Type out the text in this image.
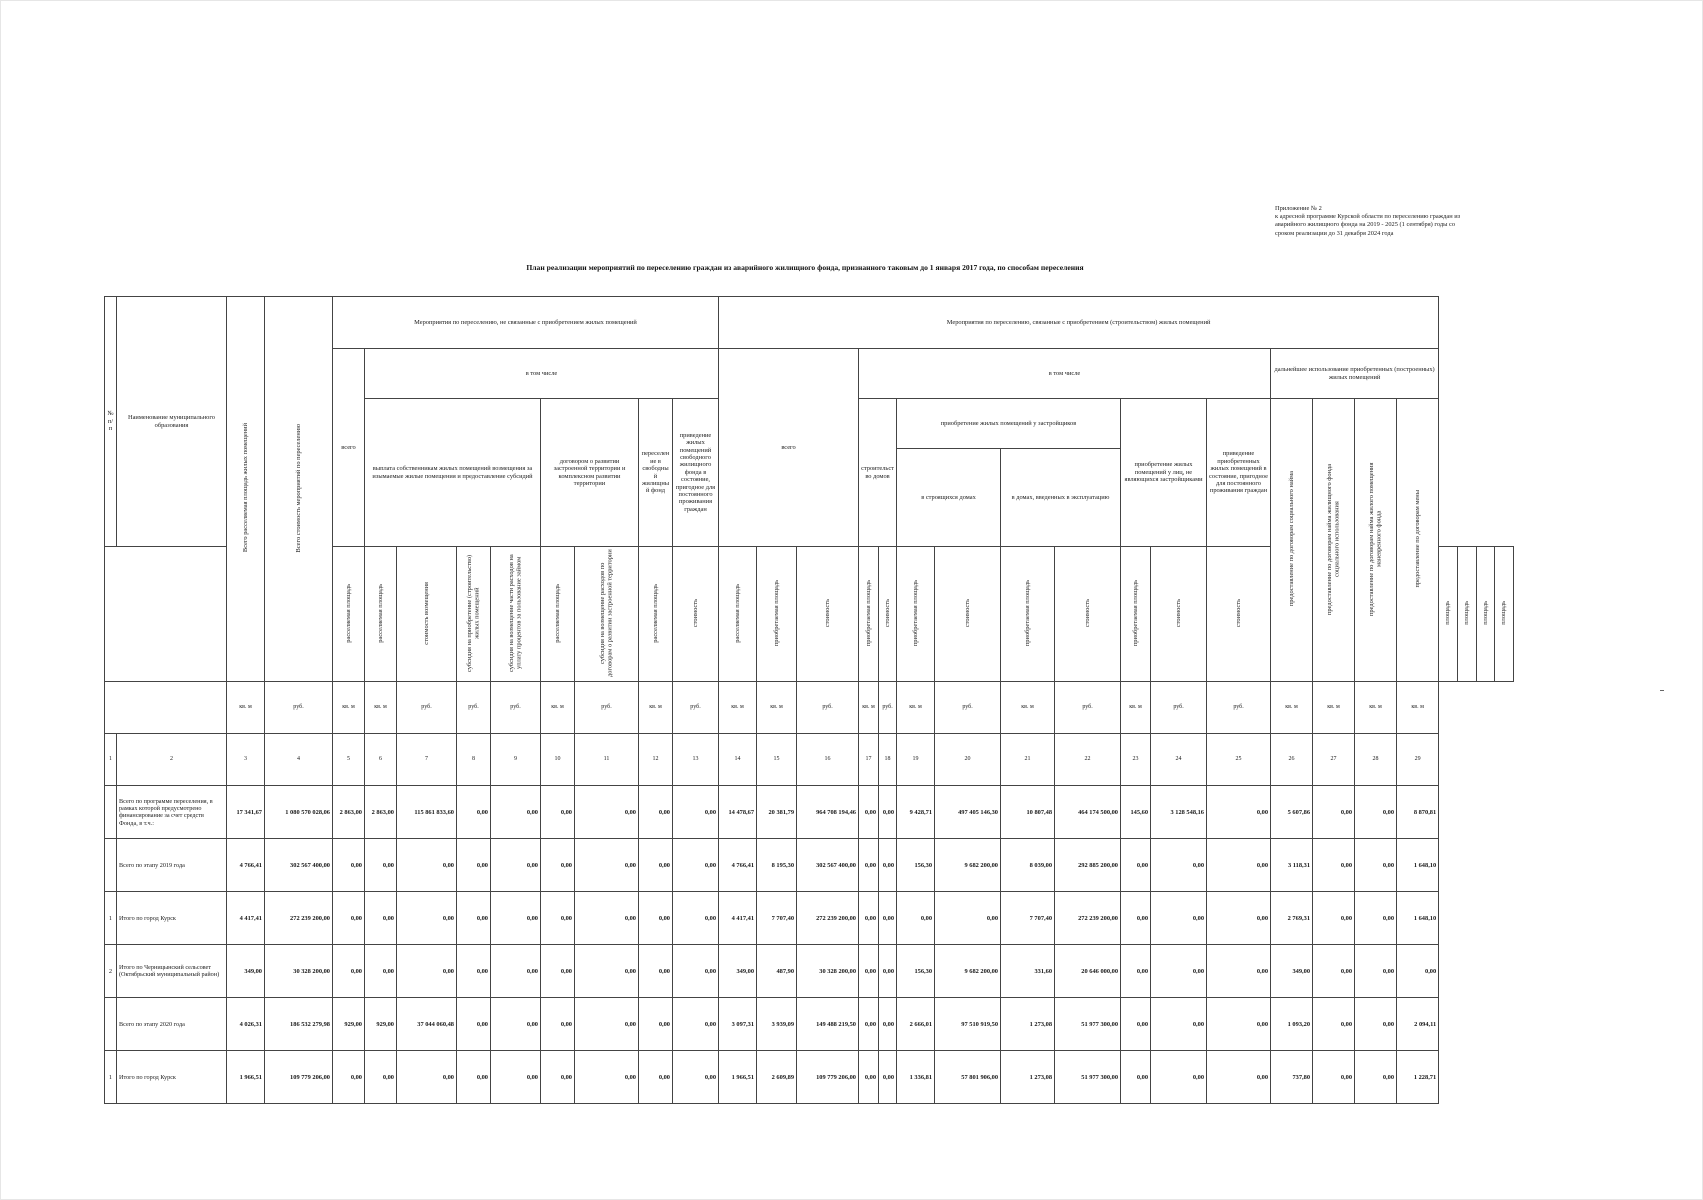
Приложение № 2
к адресной программе Курской области по переселению граждан из
аварийного жилищного фонда на 2019 - 2025 (1 сентября) годы со
сроком реализации до 31 декабря 2024 года
План реализации мероприятий по переселению граждан из аварийного жилищного фонда, признанного таковым до 1 января 2017 года, по способам переселения
№ п/п	Наименование муниципального образования	Всего расселяемая площадь жилых помещений	Всего стоимость мероприятий по переселению	Мероприятия по переселению, не связанные с приобретением жилых помещений									Мероприятия по переселению, связанные с приобретением (строительством) жилых помещений																			
				всего	в том числе								всего			в том числе									дальнейшее использование приобретенных (построенных) жилых помещений							
					выплата собственникам жилых помещений возмещения за изымаемые жилые помещения и предоставление субсидий				договором о развитии застроенной территории и комплексном развитии территории		переселение в свободный жилищный фонд	приведение жилых помещений свободного жилищного фонда в состояние, пригодное для постоянного проживания граждан				строительство домов		приобретение жилых помещений у застройщиков				приобретение жилых помещений у лиц, не являющихся застройщиками		приведение приобретенных жилых помещений в состояние, пригодное для постоянного проживания граждан	предоставление по договорам социального найма	предоставление по договорам найма жилищного фонда социального использования	предоставление по договорам найма жилого помещения маневренного фонда	предоставление по договорам мены				
																		в строящихся домах		в домах, введенных в эксплуатацию												
				расселяемая площадь	расселяемая площадь	стоимость возмещения	субсидия на приобретение (строительство) жилых помещений	субсидия на возмещение части расходов на уплату процентов за пользование займом	расселяемая площадь	субсидия на возмещение расходов по договорам о развитии застроенной территории	расселяемая площадь	стоимость	расселяемая площадь	приобретаемая площадь	стоимость	приобретаемая площадь	стоимость	приобретаемая площадь	стоимость	приобретаемая площадь	стоимость	приобретаемая площадь	стоимость	стоимость					площадь	площадь	площадь	площадь
		кв. м	руб.	кв. м	кв. м	руб.	руб.	руб.	кв. м	руб.	кв. м	руб.	кв. м	кв. м	руб.	кв. м	руб.	кв. м	руб.	кв. м	руб.	кв. м	руб.	руб.	кв. м	кв. м	кв. м	кв. м				
1	2	3	4	5	6	7	8	9	10	11	12	13	14	15	16	17	18	19	20	21	22	23	24	25	26	27	28	29				
	Всего по программе переселения, в рамках которой предусмотрено финансирование за счет средств Фонда, в т.ч.:	17 341,67	1 080 570 028,06	2 863,00	2 863,00	115 861 833,60	0,00	0,00	0,00	0,00	0,00	0,00	14 478,67	20 381,79	964 708 194,46	0,00	0,00	9 428,71	497 405 146,30	10 807,48	464 174 500,00	145,60	3 128 548,16	0,00	5 607,86	0,00	0,00	8 870,81				
	Всего по этапу 2019 года	4 766,41	302 567 400,00	0,00	0,00	0,00	0,00	0,00	0,00	0,00	0,00	0,00	4 766,41	8 195,30	302 567 400,00	0,00	0,00	156,30	9 682 200,00	8 039,00	292 885 200,00	0,00	0,00	0,00	3 118,31	0,00	0,00	1 648,10				
1	Итого по город Курск	4 417,41	272 239 200,00	0,00	0,00	0,00	0,00	0,00	0,00	0,00	0,00	0,00	4 417,41	7 707,40	272 239 200,00	0,00	0,00	0,00	0,00	7 707,40	272 239 200,00	0,00	0,00	0,00	2 769,31	0,00	0,00	1 648,10				
2	Итого по Черницынский сельсовет (Октябрьский муниципальный район)	349,00	30 328 200,00	0,00	0,00	0,00	0,00	0,00	0,00	0,00	0,00	0,00	349,00	487,90	30 328 200,00	0,00	0,00	156,30	9 682 200,00	331,60	20 646 000,00	0,00	0,00	0,00	349,00	0,00	0,00	0,00				
	Всего по этапу 2020 года	4 026,31	186 532 279,98	929,00	929,00	37 044 060,48	0,00	0,00	0,00	0,00	0,00	0,00	3 097,31	3 939,09	149 488 219,50	0,00	0,00	2 666,01	97 510 919,50	1 273,08	51 977 300,00	0,00	0,00	0,00	1 093,20	0,00	0,00	2 094,11				
1	Итого по город Курск	1 966,51	109 779 206,00	0,00	0,00	0,00	0,00	0,00	0,00	0,00	0,00	0,00	1 966,51	2 609,89	109 779 206,00	0,00	0,00	1 336,81	57 801 906,00	1 273,08	51 977 300,00	0,00	0,00	0,00	737,80	0,00	0,00	1 228,71				
